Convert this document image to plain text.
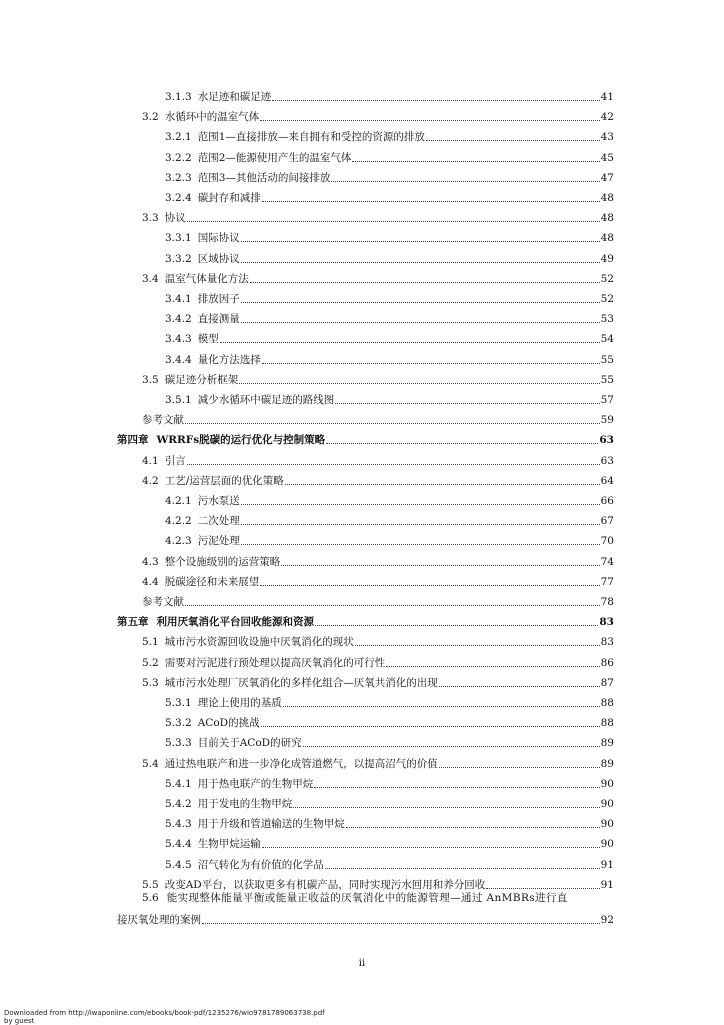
3.1.3 水足迹和碳足迹	41
3.2 水循环中的温室气体	42
3.2.1 范围1—直接排放—来自拥有和受控的资源的排放	43
3.2.2 范围2—能源使用产生的温室气体	45
3.2.3 范围3—其他活动的间接排放	47
3.2.4 碳封存和减排	48
3.3 协议	48
3.3.1 国际协议	48
3.3.2 区域协议	49
3.4 温室气体量化方法	52
3.4.1 排放因子	52
3.4.2 直接测量	53
3.4.3 模型	54
3.4.4 量化方法选择	55
3.5 碳足迹分析框架	55
3.5.1 减少水循环中碳足迹的路线图	57
参考文献	59
第四章 WRRFs脱碳的运行优化与控制策略	63
4.1 引言	63
4.2 工艺/运营层面的优化策略	64
4.2.1 污水泵送	66
4.2.2 二次处理	67
4.2.3 污泥处理	70
4.3 整个设施级别的运营策略	74
4.4 脱碳途径和未来展望	77
参考文献	78
第五章 利用厌氧消化平台回收能源和资源	83
5.1 城市污水资源回收设施中厌氧消化的现状	83
5.2 需要对污泥进行预处理以提高厌氧消化的可行性	86
5.3 城市污水处理厂厌氧消化的多样化组合—厌氧共消化的出现	87
5.3.1 理论上使用的基质	88
5.3.2 ACoD的挑战	88
5.3.3 目前关于ACoD的研究	89
5.4 通过热电联产和进一步净化成管道燃气，以提高沼气的价值	89
5.4.1 用于热电联产的生物甲烷	90
5.4.2 用于发电的生物甲烷	90
5.4.3 用于升级和管道输送的生物甲烷	90
5.4.4 生物甲烷运输	90
5.4.5 沼气转化为有价值的化学品	91
5.5 改变AD平台，以获取更多有机碳产品，同时实现污水回用和养分回收	91
5.6 能实现整体能量平衡或能量正收益的厌氧消化中的能源管理—通过 AnMBRs进行直
接厌氧处理的案例	92
ii
Downloaded from http://iwaponline.com/ebooks/book-pdf/1235276/wio9781789063738.pdf
by guest
